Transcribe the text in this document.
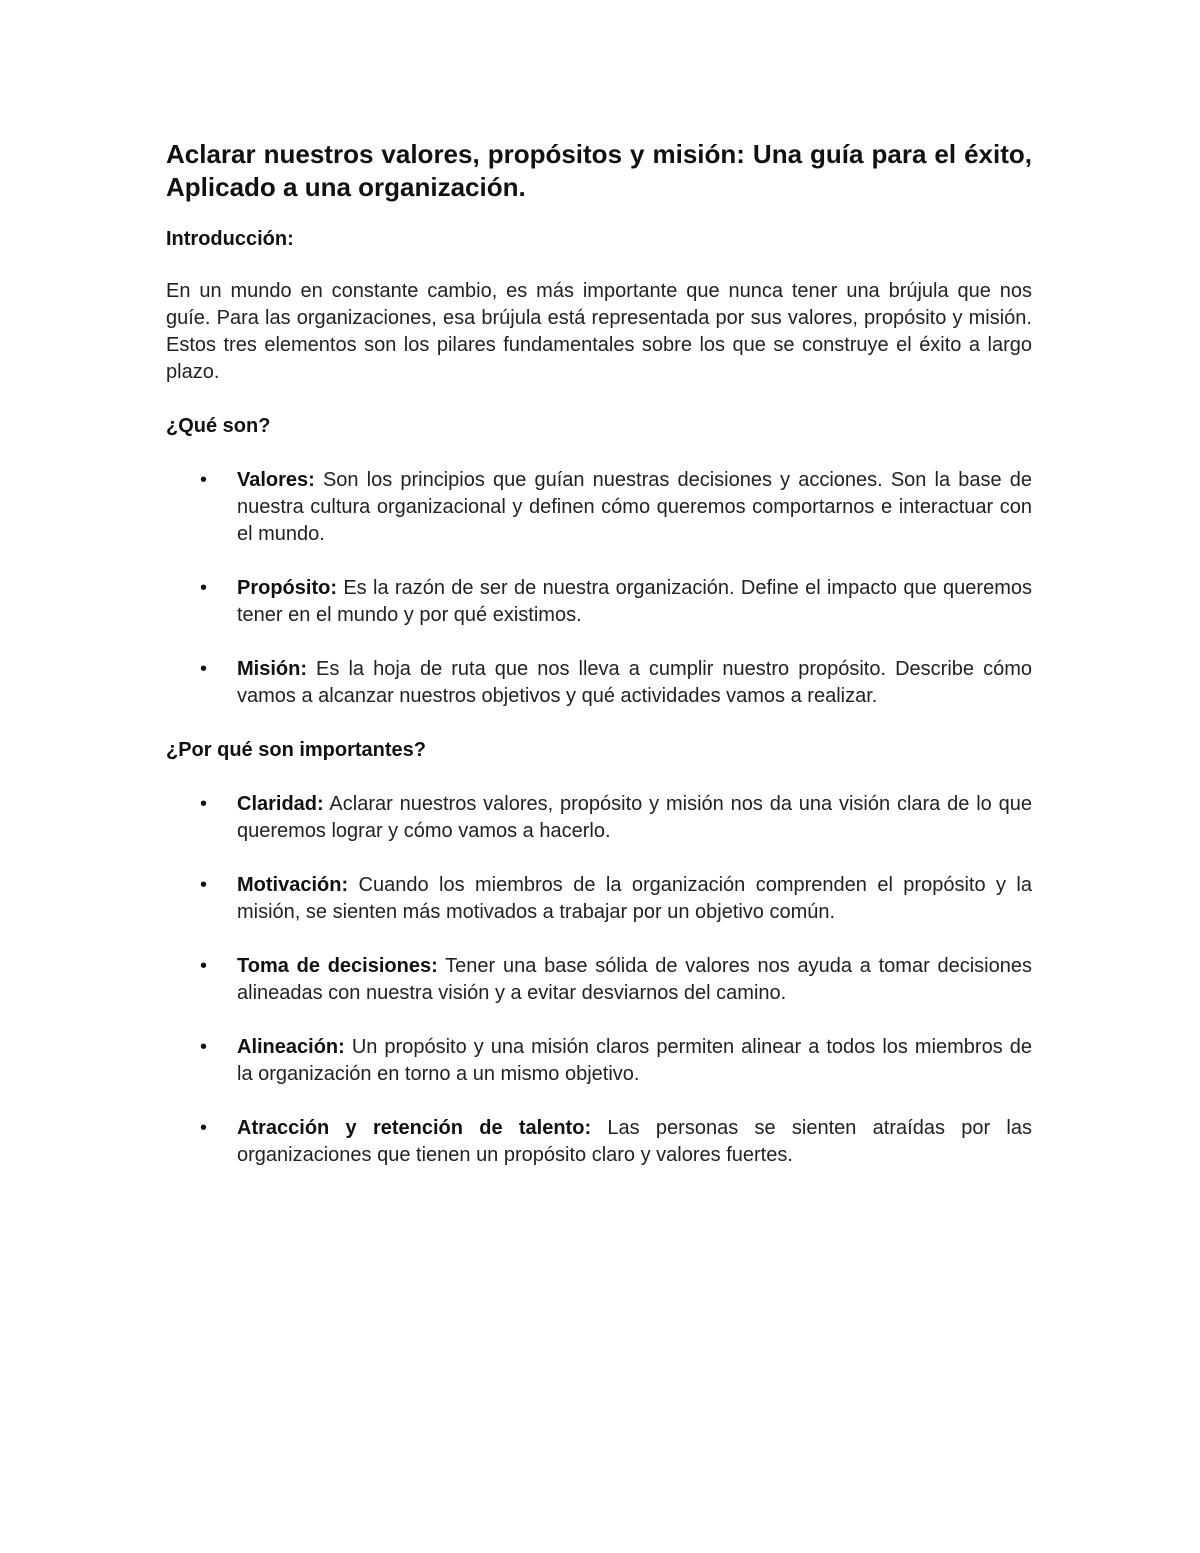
Aclarar nuestros valores, propósitos y misión: Una guía para el éxito, Aplicado a una organización.

Introducción:

En un mundo en constante cambio, es más importante que nunca tener una brújula que nos guíe. Para las organizaciones, esa brújula está representada por sus valores, propósito y misión. Estos tres elementos son los pilares fundamentales sobre los que se construye el éxito a largo plazo.

¿Qué son?

• Valores: Son los principios que guían nuestras decisiones y acciones. Son la base de nuestra cultura organizacional y definen cómo queremos comportarnos e interactuar con el mundo.
• Propósito: Es la razón de ser de nuestra organización. Define el impacto que queremos tener en el mundo y por qué existimos.
• Misión: Es la hoja de ruta que nos lleva a cumplir nuestro propósito. Describe cómo vamos a alcanzar nuestros objetivos y qué actividades vamos a realizar.

¿Por qué son importantes?

• Claridad: Aclarar nuestros valores, propósito y misión nos da una visión clara de lo que queremos lograr y cómo vamos a hacerlo.
• Motivación: Cuando los miembros de la organización comprenden el propósito y la misión, se sienten más motivados a trabajar por un objetivo común.
• Toma de decisiones: Tener una base sólida de valores nos ayuda a tomar decisiones alineadas con nuestra visión y a evitar desviarnos del camino.
• Alineación: Un propósito y una misión claros permiten alinear a todos los miembros de la organización en torno a un mismo objetivo.
• Atracción y retención de talento: Las personas se sienten atraídas por las organizaciones que tienen un propósito claro y valores fuertes.
